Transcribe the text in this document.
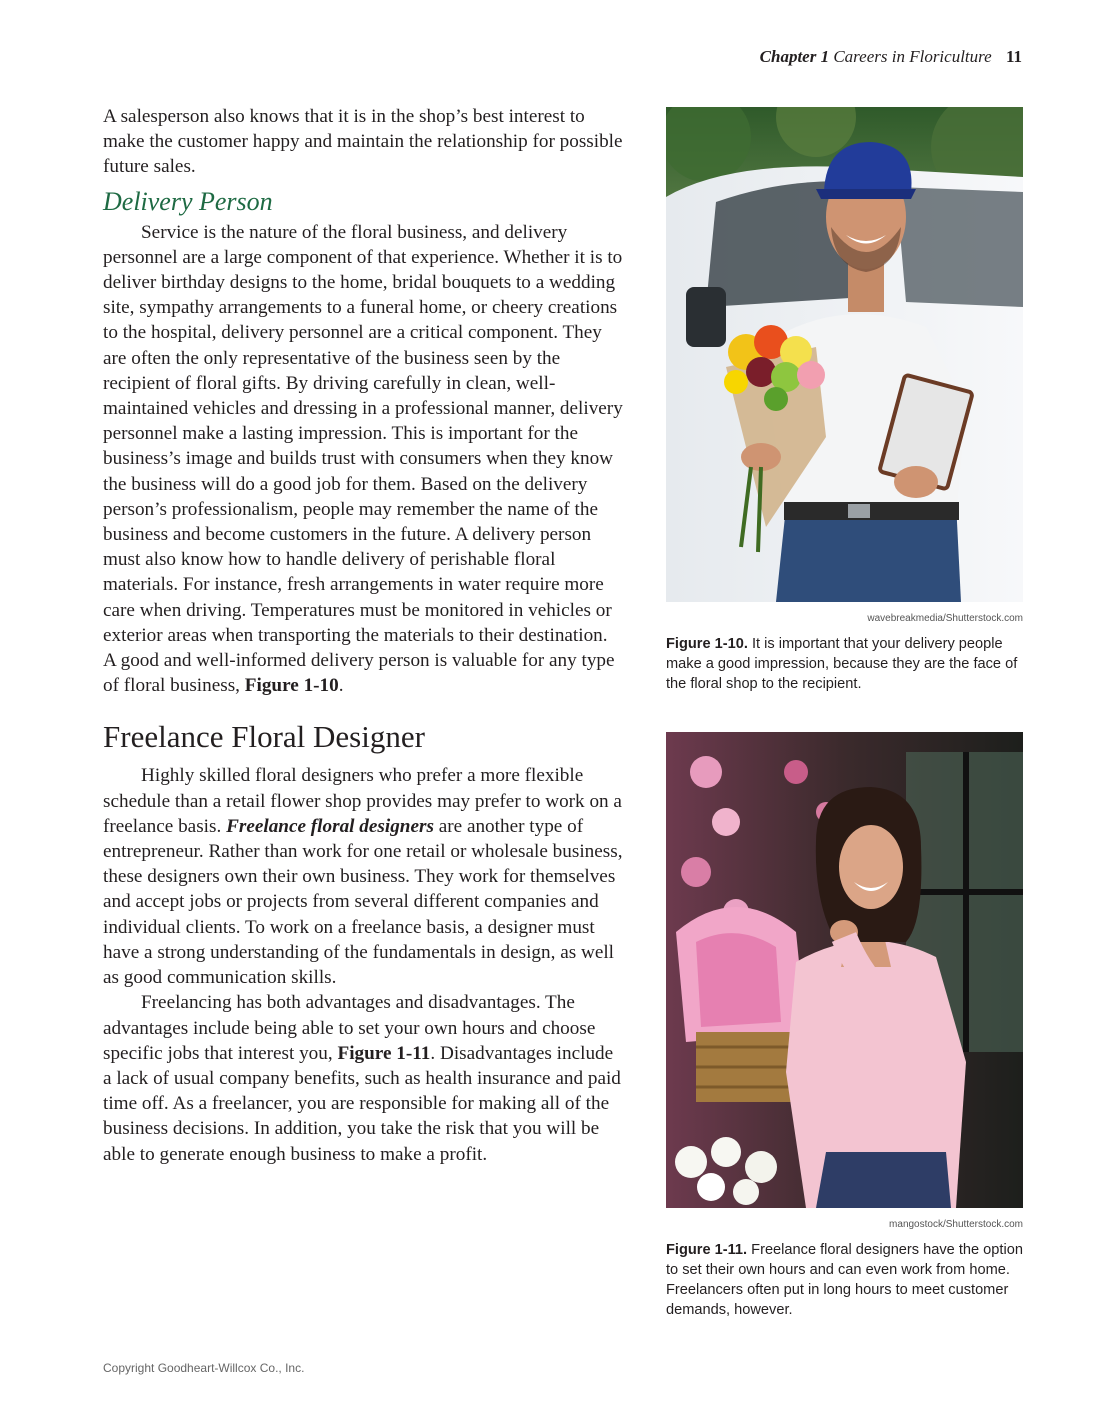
Chapter 1 Careers in Floriculture 11

A salesperson also knows that it is in the shop’s best interest to make the customer happy and maintain the relationship for possible future sales.

Delivery Person

Service is the nature of the floral business, and delivery personnel are a large component of that experience. Whether it is to deliver birthday designs to the home, bridal bouquets to a wedding site, sympathy arrangements to a funeral home, or cheery creations to the hospital, delivery personnel are a critical component. They are often the only representative of the business seen by the recipient of floral gifts. By driving carefully in clean, well-maintained vehicles and dressing in a professional manner, delivery personnel make a lasting impression. This is important for the business’s image and builds trust with consumers when they know the business will do a good job for them. Based on the delivery person’s professionalism, people may remember the name of the business and become customers in the future. A delivery person must also know how to handle delivery of perishable floral materials. For instance, fresh arrangements in water require more care when driving. Temperatures must be monitored in vehicles or exterior areas when transporting the materials to their destination. A good and well-informed delivery person is valuable for any type of floral business, Figure 1-10.

Freelance Floral Designer

Highly skilled floral designers who prefer a more flexible schedule than a retail flower shop provides may prefer to work on a freelance basis. Freelance floral designers are another type of entrepreneur. Rather than work for one retail or wholesale business, these designers own their own business. They work for themselves and accept jobs or projects from several different companies and individual clients. To work on a freelance basis, a designer must have a strong understanding of the fundamentals in design, as well as good communication skills.

Freelancing has both advantages and disadvantages. The advantages include being able to set your own hours and choose specific jobs that interest you, Figure 1-11. Disadvantages include a lack of usual company benefits, such as health insurance and paid time off. As a freelancer, you are responsible for making all of the business decisions. In addition, you take the risk that you will be able to generate enough business to make a profit.

wavebreakmedia/Shutterstock.com
Figure 1-10. It is important that your delivery people make a good impression, because they are the face of the floral shop to the recipient.
mangostock/Shutterstock.com
Figure 1-11. Freelance floral designers have the option to set their own hours and can even work from home. Freelancers often put in long hours to meet customer demands, however.
Copyright Goodheart-Willcox Co., Inc.
